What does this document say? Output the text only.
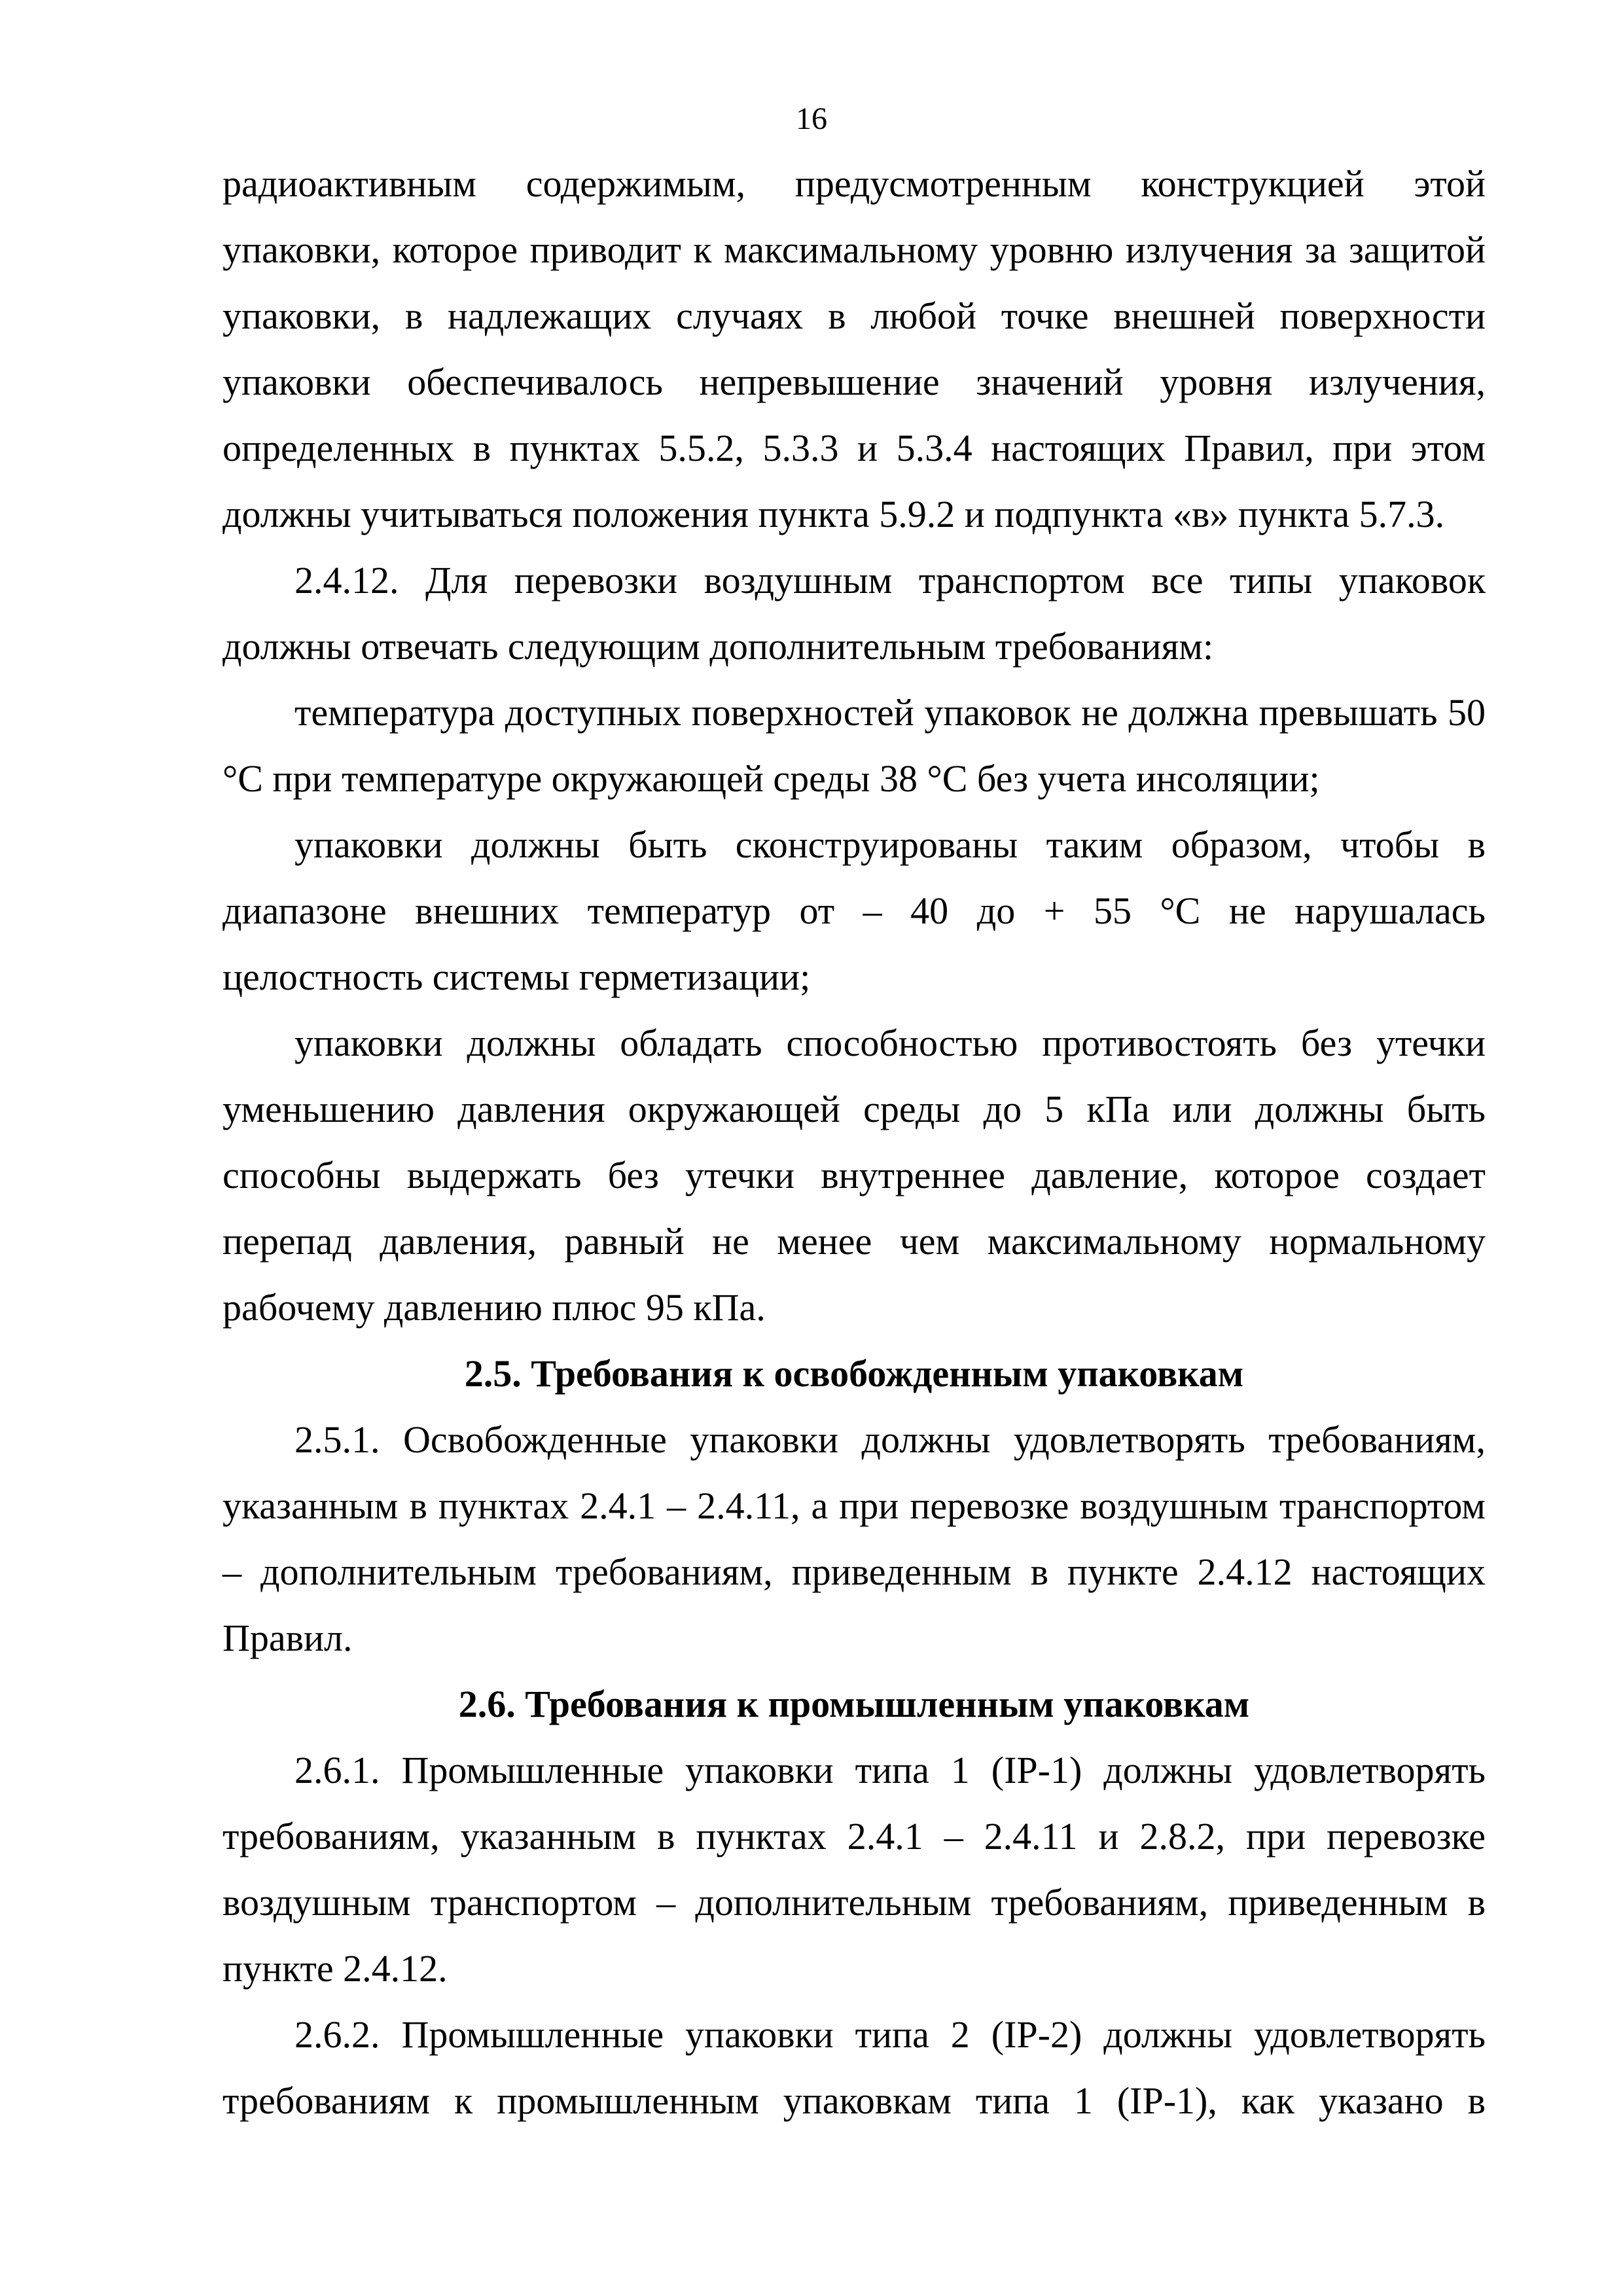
16

радиоактивным содержимым, предусмотренным конструкцией этой упаковки, которое приводит к максимальному уровню излучения за защитой упаковки, в надлежащих случаях в любой точке внешней поверхности упаковки обеспечивалось непревышение значений уровня излучения, определенных в пунктах 5.5.2, 5.3.3 и 5.3.4 настоящих Правил, при этом должны учитываться положения пункта 5.9.2 и подпункта «в» пункта 5.7.3.

2.4.12. Для перевозки воздушным транспортом все типы упаковок должны отвечать следующим дополнительным требованиям:

температура доступных поверхностей упаковок не должна превышать 50 °С при температуре окружающей среды 38 °С без учета инсоляции;

упаковки должны быть сконструированы таким образом, чтобы в диапазоне внешних температур от – 40 до + 55 °С не нарушалась целостность системы герметизации;

упаковки должны обладать способностью противостоять без утечки уменьшению давления окружающей среды до 5 кПа или должны быть способны выдержать без утечки внутреннее давление, которое создает перепад давления, равный не менее чем максимальному нормальному рабочему давлению плюс 95 кПа.

2.5. Требования к освобожденным упаковкам

2.5.1. Освобожденные упаковки должны удовлетворять требованиям, указанным в пунктах 2.4.1 – 2.4.11, а при перевозке воздушным транспортом – дополнительным требованиям, приведенным в пункте 2.4.12 настоящих Правил.

2.6. Требования к промышленным упаковкам

2.6.1. Промышленные упаковки типа 1 (IP-1) должны удовлетворять требованиям, указанным в пунктах 2.4.1 – 2.4.11 и 2.8.2, при перевозке воздушным транспортом – дополнительным требованиям, приведенным в пункте 2.4.12.

2.6.2. Промышленные упаковки типа 2 (IP-2) должны удовлетворять требованиям к промышленным упаковкам типа 1 (IP-1), как указано в
